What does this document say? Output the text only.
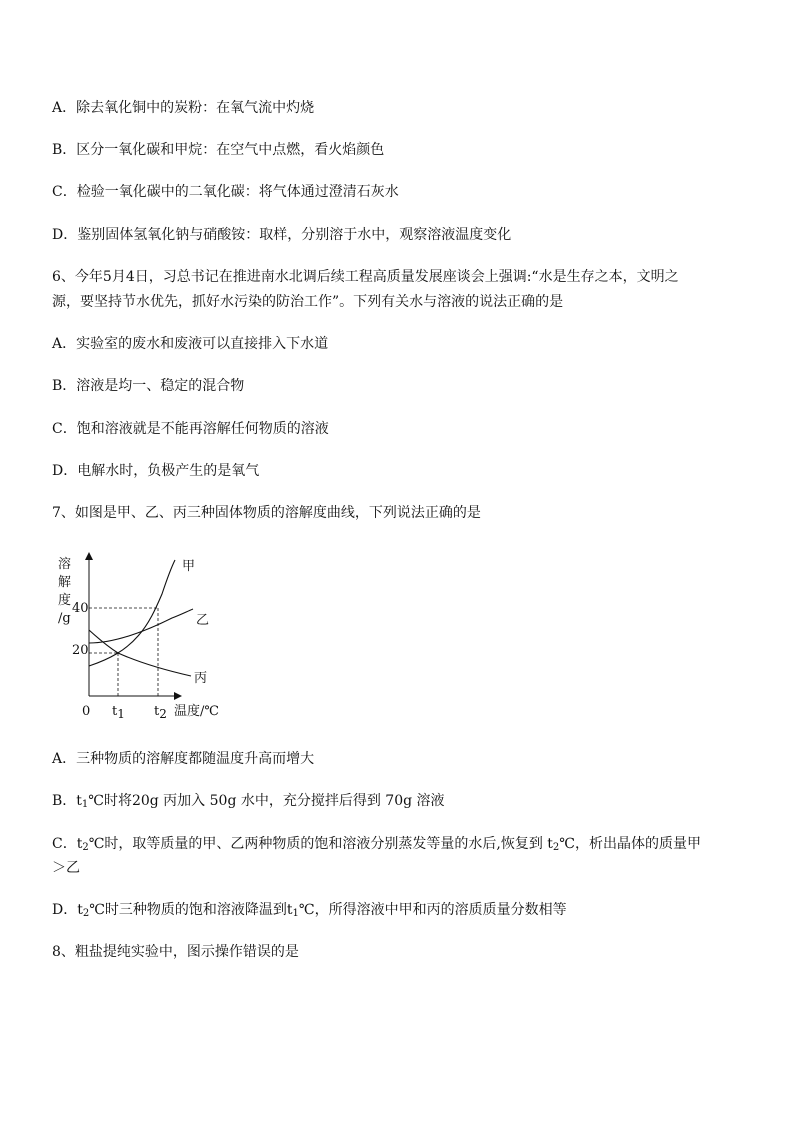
A．除去氧化铜中的炭粉：在氧气流中灼烧
B．区分一氧化碳和甲烷：在空气中点燃，看火焰颜色
C．检验一氧化碳中的二氧化碳：将气体通过澄清石灰水
D．鉴别固体氢氧化钠与硝酸铵：取样，分别溶于水中，观察溶液温度变化
6、今年5月4日，习总书记在推进南水北调后续工程高质量发展座谈会上强调:“水是生存之本，文明之
源，要坚持节水优先，抓好水污染的防治工作”。下列有关水与溶液的说法正确的是
A．实验室的废水和废液可以直接排入下水道
B．溶液是均一、稳定的混合物
C．饱和溶液就是不能再溶解任何物质的溶液
D．电解水时，负极产生的是氧气
7、如图是甲、乙、丙三种固体物质的溶解度曲线，下列说法正确的是
溶
解
度
/g
40
20
甲
乙
丙
0 t1 t2 温度/℃
A．三种物质的溶解度都随温度升高而增大
B．$t_1℃$时将20g 丙加入 50g 水中，充分搅拌后得到 70g 溶液
C．$t_2℃$时，取等质量的甲、乙两种物质的饱和溶液分别蒸发等量的水后,恢复到 $t_2℃$，析出晶体的质量甲
＞乙
D．$t_2℃$时三种物质的饱和溶液降温到$t_1℃$，所得溶液中甲和丙的溶质质量分数相等
8、粗盐提纯实验中，图示操作错误的是
